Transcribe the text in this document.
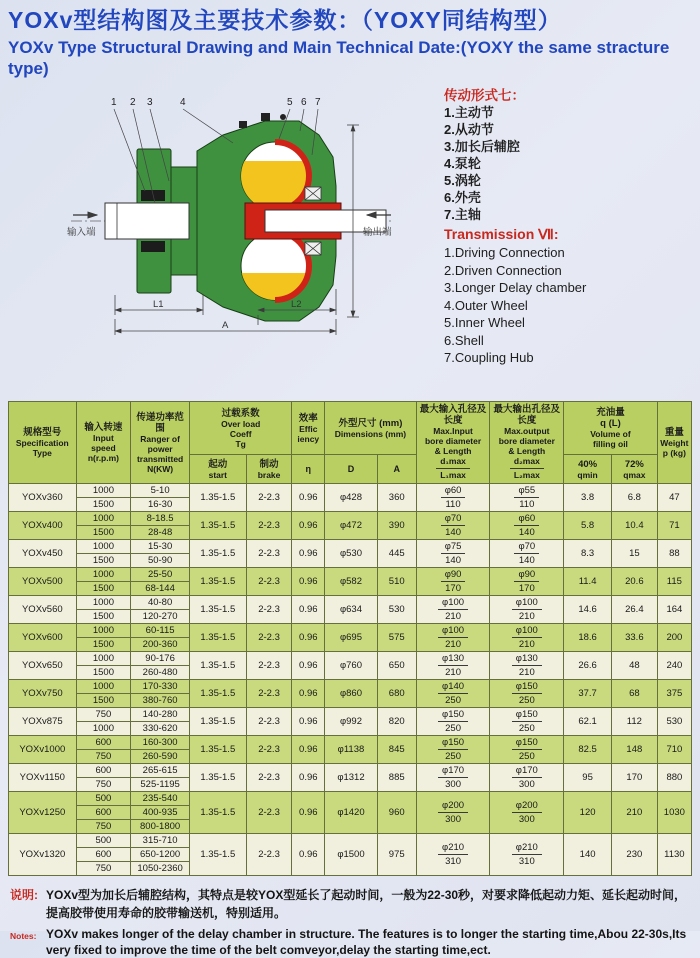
YOXv型结构图及主要技术参数：（YOXY同结构型）
YOXv Type Structural Drawing and Main Technical Date:(YOXY the same stracture type)
1 2 3	4	5 6 7
输入端	输出端
L1	L2
A
传动形式七：
1.主动节
2.从动节
3.加长后辅腔
4.泵轮
5.涡轮
6.外壳
7.主轴
Transmission Ⅶ:
1.Driving Connection
2.Driven Connection
3.Longer Delay chamber
4.Outer Wheel
5.Inner Wheel
6.Shell
7.Coupling Hub
规格型号
Specification
Type

输入转速
Input
speed
n(r.p.m)

传递功率范围
Ranger of power
transmitted
N(KW)

过载系数
Over load
Coeff
Tg

效率
Effic
iency

外型尺寸 (mm)
Dimensions (mm)

最大输入孔径及长度
Max.Input
bore diameter
& Length
$\frac{\text{d₁max}}{\text{L₁max}}$

最大输出孔径及长度
Max.output
bore diameter
& Length
$\frac{\text{d₂max}}{\text{L₂max}}$

充油量
q (L)
Volume of
filling oil

重量
Weight
p (kg)

起动
start

制动
brake
	η	D	A	40%
qmin

72%
qmax

YOXv360	1000	5-10	1.35-1.5	2-2.3	0.96	φ428	360	$\frac{\varphi 60}{110}$	$\frac{\varphi 55}{110}$	3.8	6.8	47
	1500	16-30										
YOXv400	1000	8-18.5	1.35-1.5	2-2.3	0.96	φ472	390	$\frac{\varphi 70}{140}$	$\frac{\varphi 60}{140}$	5.8	10.4	71
	1500	28-48										
YOXv450	1000	15-30	1.35-1.5	2-2.3	0.96	φ530	445	$\frac{\varphi 75}{140}$	$\frac{\varphi 70}{140}$	8.3	15	88
	1500	50-90										
YOXv500	1000	25-50	1.35-1.5	2-2.3	0.96	φ582	510	$\frac{\varphi 90}{170}$	$\frac{\varphi 90}{170}$	11.4	20.6	115
	1500	68-144										
YOXv560	1000	40-80	1.35-1.5	2-2.3	0.96	φ634	530	$\frac{\varphi 100}{210}$	$\frac{\varphi 100}{210}$	14.6	26.4	164
	1500	120-270										
YOXv600	1000	60-115	1.35-1.5	2-2.3	0.96	φ695	575	$\frac{\varphi 100}{210}$	$\frac{\varphi 100}{210}$	18.6	33.6	200
	1500	200-360										
YOXv650	1000	90-176	1.35-1.5	2-2.3	0.96	φ760	650	$\frac{\varphi 130}{210}$	$\frac{\varphi 130}{210}$	26.6	48	240
	1500	260-480										
YOXv750	1000	170-330	1.35-1.5	2-2.3	0.96	φ860	680	$\frac{\varphi 140}{250}$	$\frac{\varphi 150}{250}$	37.7	68	375
	1500	380-760										
YOXv875	750	140-280	1.35-1.5	2-2.3	0.96	φ992	820	$\frac{\varphi 150}{250}$	$\frac{\varphi 150}{250}$	62.1	112	530
	1000	330-620										
YOXv1000	600	160-300	1.35-1.5	2-2.3	0.96	φ1138	845	$\frac{\varphi 150}{250}$	$\frac{\varphi 150}{250}$	82.5	148	710
	750	260-590										
YOXv1150	600	265-615	1.35-1.5	2-2.3	0.96	φ1312	885	$\frac{\varphi 170}{300}$	$\frac{\varphi 170}{300}$	95	170	880
	750	525-1195										
YOXv1250	500	235-540	1.35-1.5	2-2.3	0.96	φ1420	960	$\frac{\varphi 200}{300}$	$\frac{\varphi 200}{300}$	120	210	1030
	600	400-935										
	750	800-1800										
YOXv1320	500	315-710	1.35-1.5	2-2.3	0.96	φ1500	975	$\frac{\varphi 210}{310}$	$\frac{\varphi 210}{310}$	140	230	1130
	600	650-1200										
	750	1050-2360										
说明: YOXv型为加长后辅腔结构，其特点是较YOX型延长了起动时间，一般为22-30秒，对要求降低起动力矩、延长起动时间，提高胶带使用寿命的胶带输送机，特别适用。
Notes: YOXv makes longer of the delay chamber in structure. The features is to longer the starting time,Abou 22-30s,Its very fixed to improve the time of the belt comveyor,delay the starting time,ect.
